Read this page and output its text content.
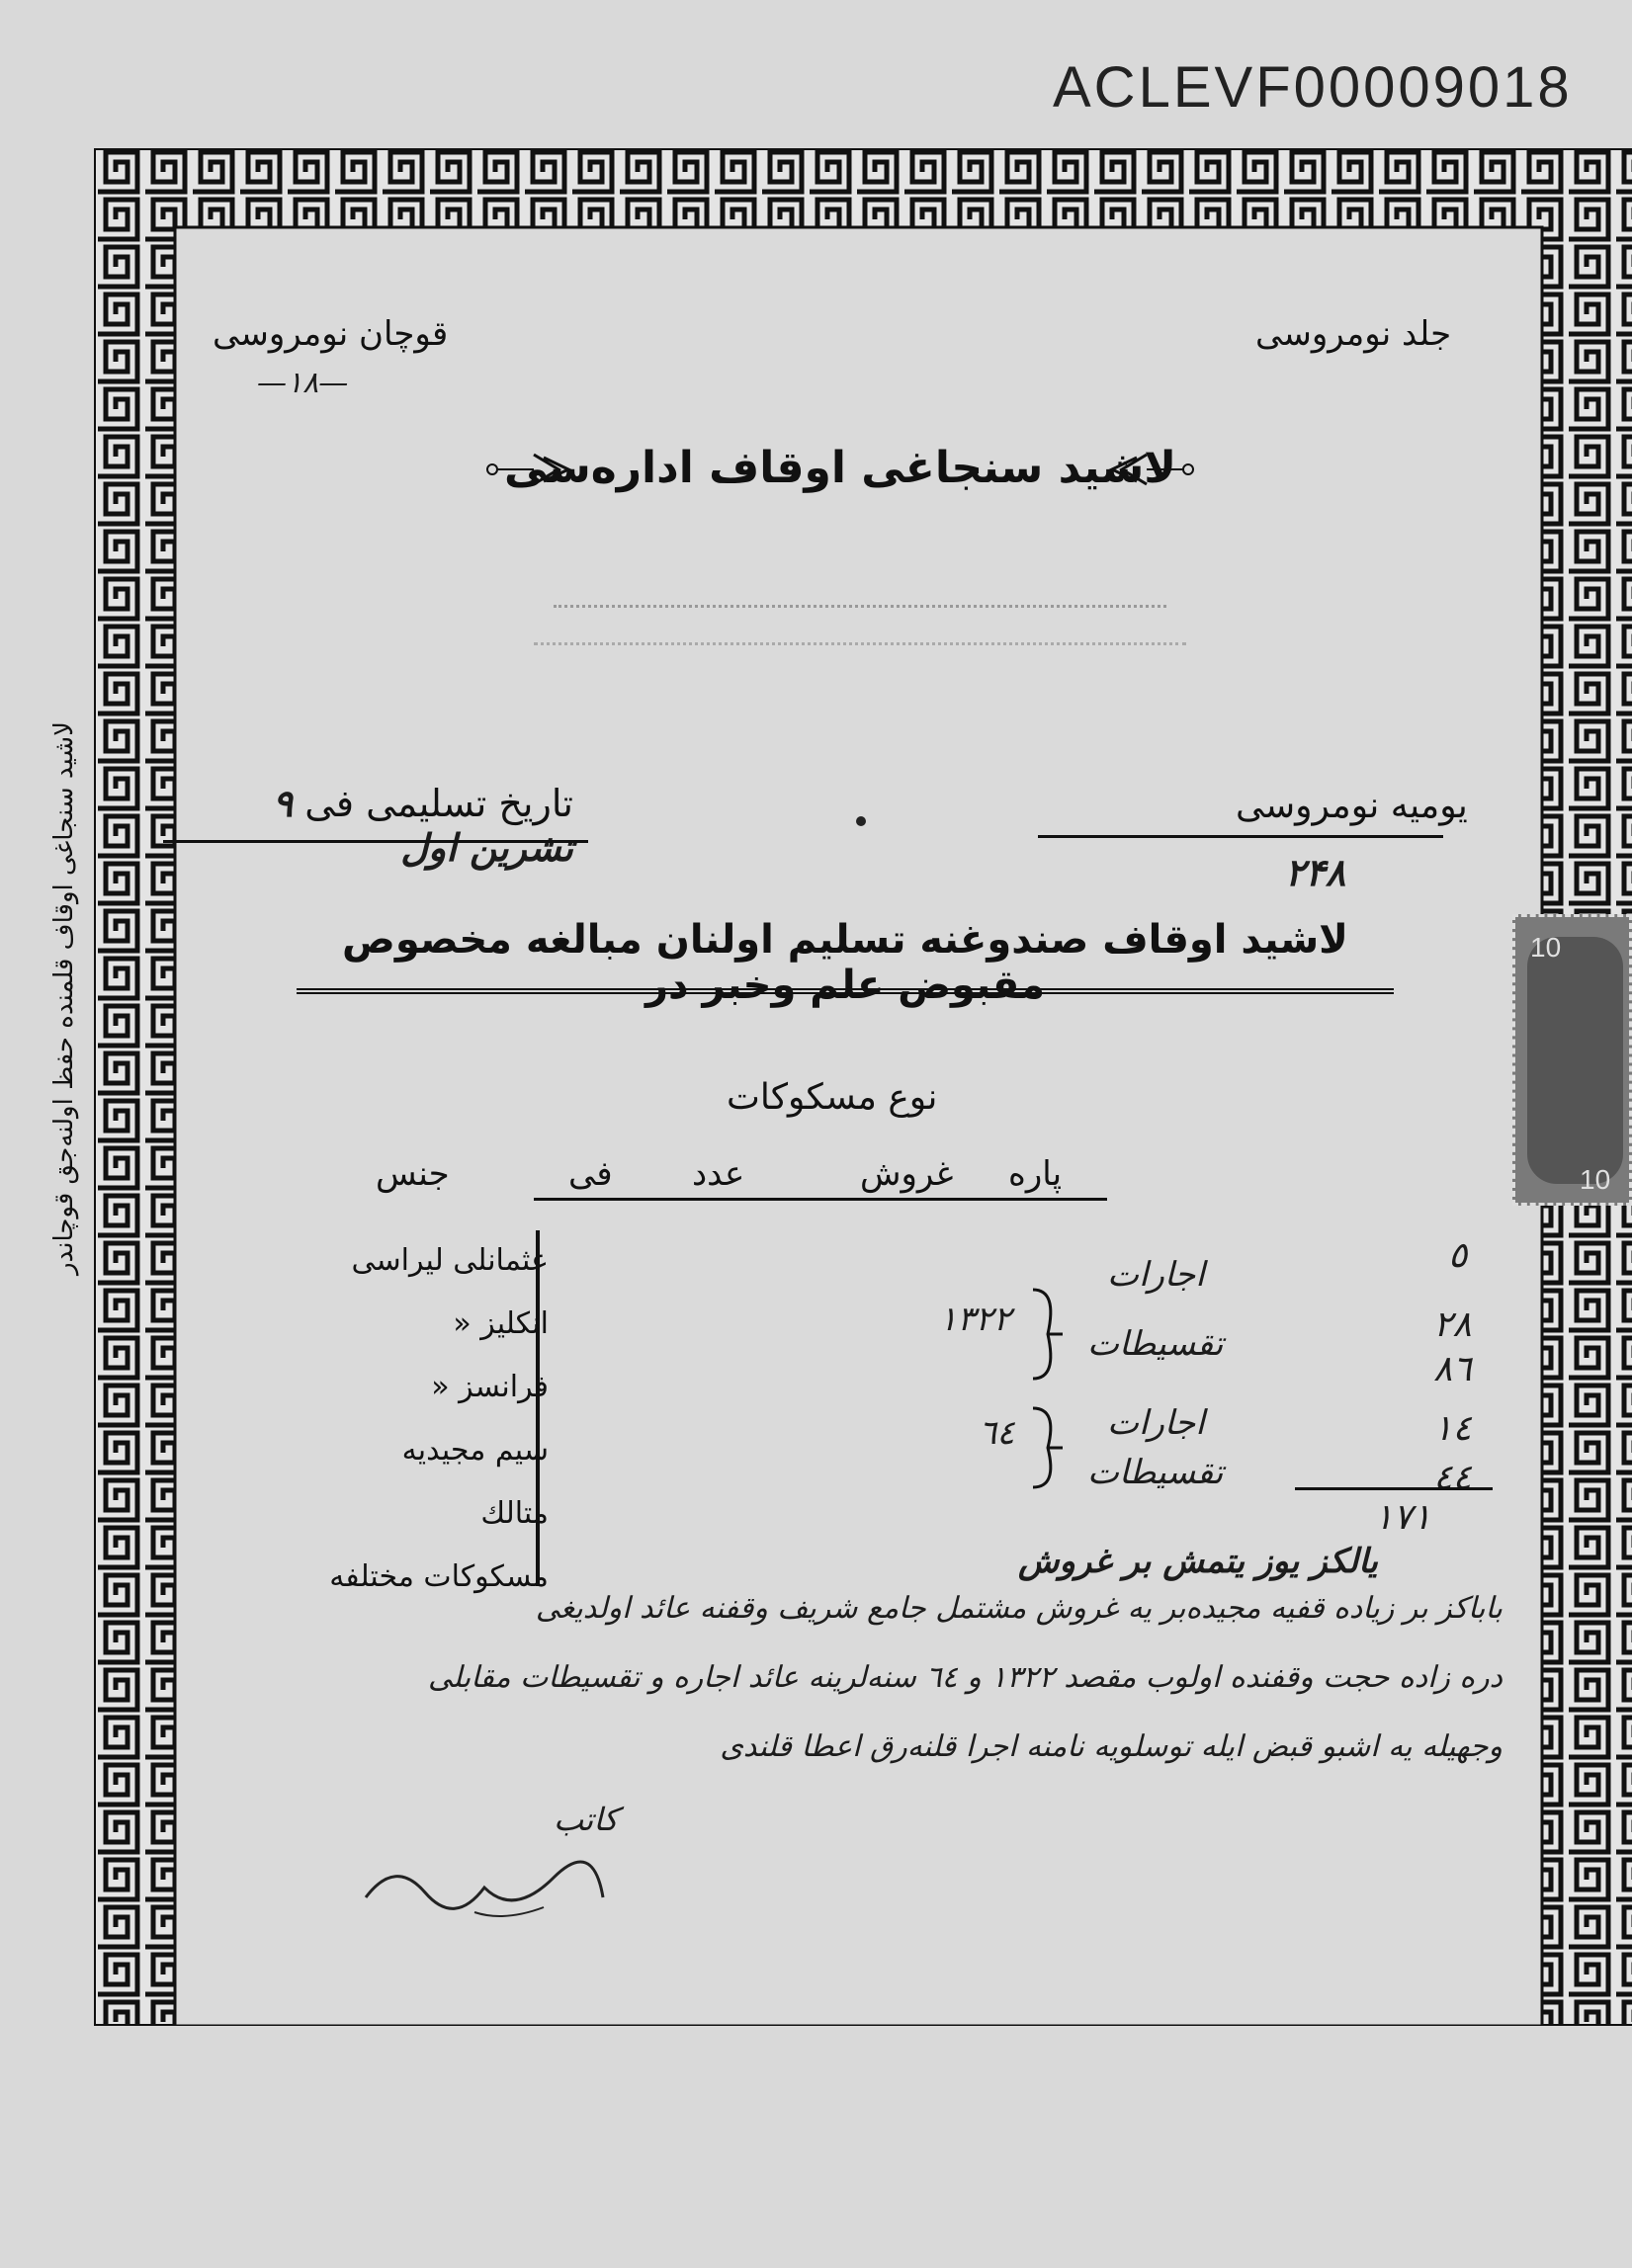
ACLEVF00009018
قوچان نومروسی	جلد نومروسی
—۱۸—
لاشید سنجاغی اوقاف اداره‌سی
تاریخ تسلیمی فی ۹ تشرین اول
یومیه نومروسی
۲۴۸
لاشید اوقاف صندوغنه تسلیم اولنان مبالغه مخصوص مقبوض علم وخبر در
10
10
نوع مسکوکات
پاره
غروش
عدد
فی
جنس
عثمانلی لیراسی
انکلیز «
فرانسز «
سیم مجیدیه
متالك
مسکوکات مختلفه
٥
٢٨
٨٦
١٤
٤٤
١٧١
اجارات
تقسیطات
اجارات
تقسیطات
١٣٢٢
٦٤
یالکز یوز یتمش بر غروش
باباکز بر زیاده قفیه مجیده‌بر یه غروش مشتمل جامع شریف وقفنه عائد اولدیغی
دره زاده حجت وقفنده اولوب مقصد ١٣٢٢ و ٦٤ سنه‌لرینه عائد اجاره و تقسیطات مقابلی
وجهیله یه اشبو قبض ایله توسلویه نامنه اجرا قلنه‌رق اعطا قلندی
کاتب
لاشید سنجاغی اوقاف قلمنده حفظ اولنه‌جق قوچاندر
